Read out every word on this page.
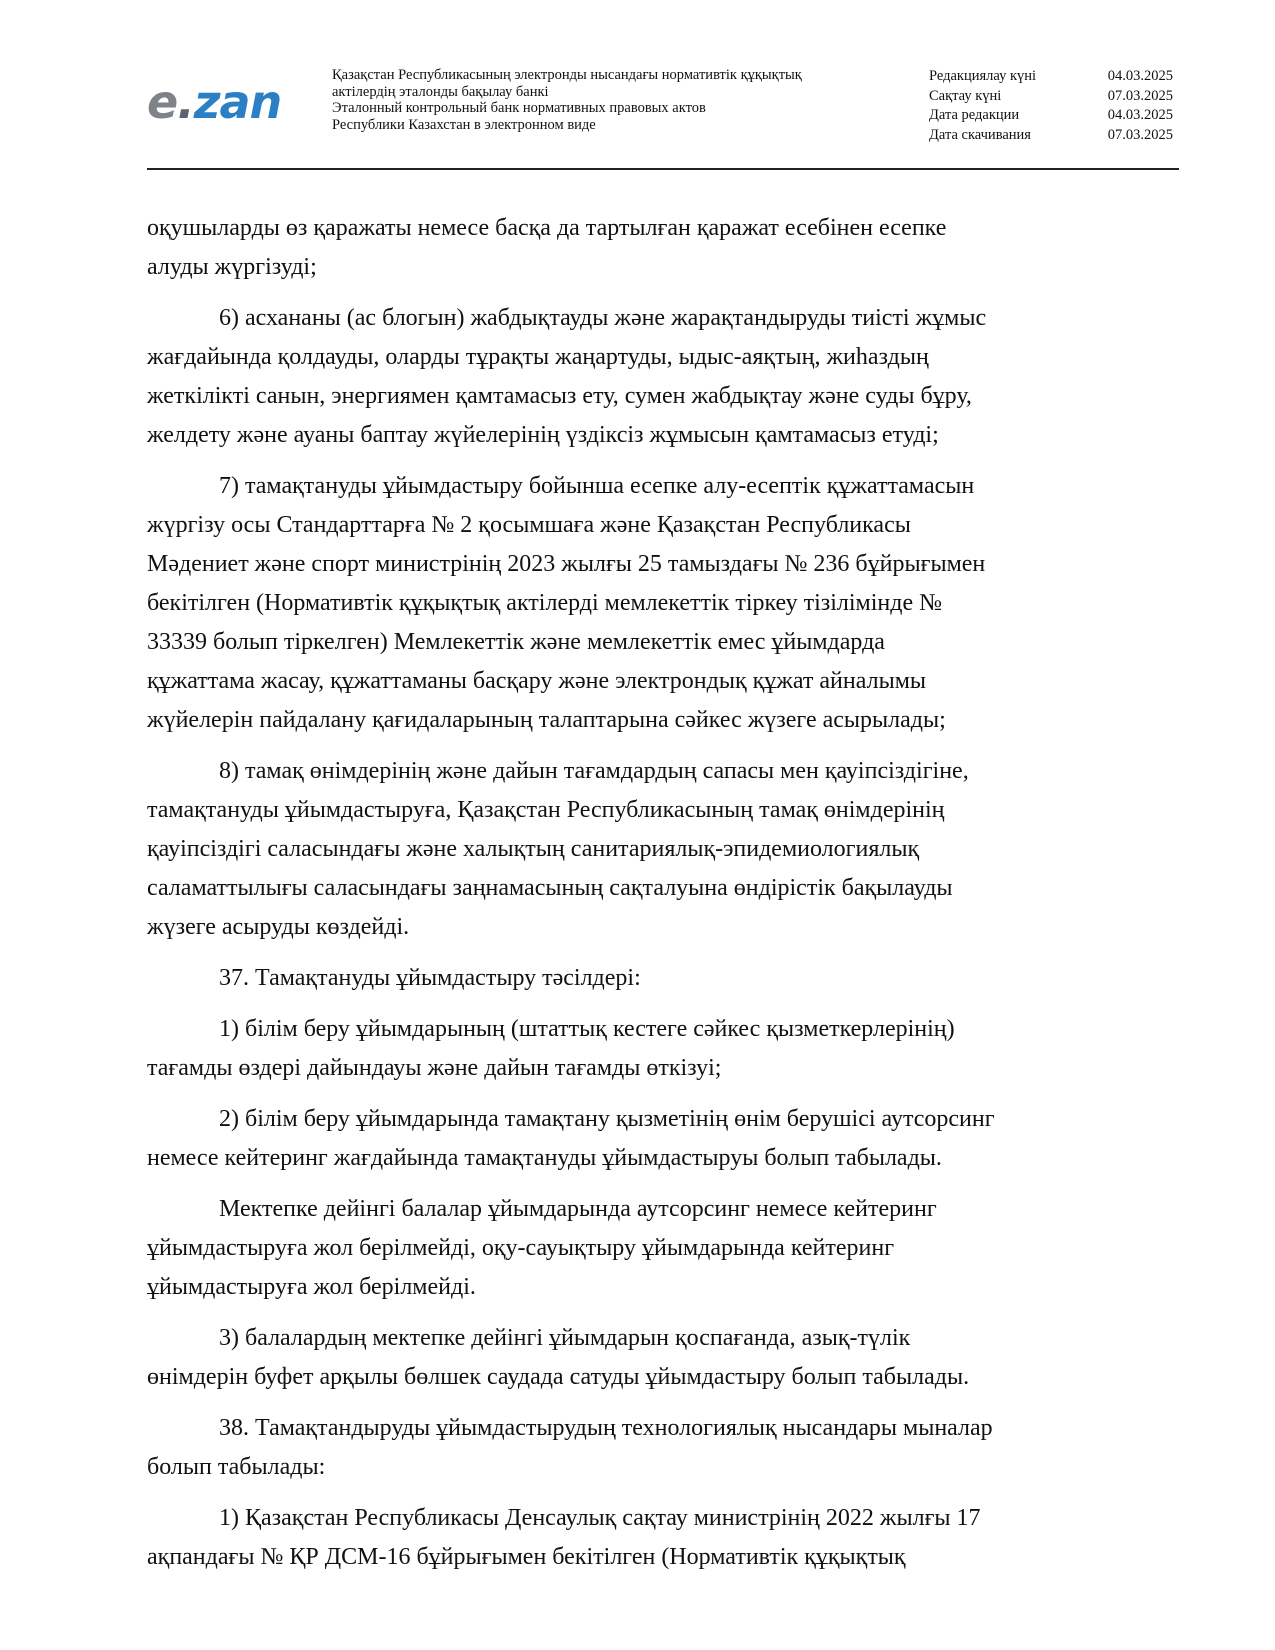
e.zan	Қазақстан Республикасының электронды нысандағы нормативтік құқықтық
актілердің эталонды бақылау банкі
Эталонный контрольный банк нормативных правовых актов
Республики Казахстан в электронном виде
Редакциялау күні	04.03.2025
Сақтау күні	07.03.2025
Дата редакции	04.03.2025
Дата скачивания	07.03.2025

оқушыларды өз қаражаты немесе басқа да тартылған қаражат есебінен есепке
алуды жүргізуді;

6) асхананы (ас блогын) жабдықтауды және жарақтандыруды тиісті жұмыс
жағдайында қолдауды, оларды тұрақты жаңартуды, ыдыс-аяқтың, жиһаздың
жеткілікті санын, энергиямен қамтамасыз ету, сумен жабдықтау және суды бұру,
желдету және ауаны баптау жүйелерінің үздіксіз жұмысын қамтамасыз етуді;

7) тамақтануды ұйымдастыру бойынша есепке алу-есептік құжаттамасын
жүргізу осы Стандарттарға № 2 қосымшаға және Қазақстан Республикасы
Мәдениет және спорт министрінің 2023 жылғы 25 тамыздағы № 236 бұйрығымен
бекітілген (Нормативтік құқықтық актілерді мемлекеттік тіркеу тізілімінде №
33339 болып тіркелген) Мемлекеттік және мемлекеттік емес ұйымдарда
құжаттама жасау, құжаттаманы басқару және электрондық құжат айналымы
жүйелерін пайдалану қағидаларының талаптарына сәйкес жүзеге асырылады;

8) тамақ өнімдерінің және дайын тағамдардың сапасы мен қауіпсіздігіне,
тамақтануды ұйымдастыруға, Қазақстан Республикасының тамақ өнімдерінің
қауіпсіздігі саласындағы және халықтың санитариялық-эпидемиологиялық
саламаттылығы саласындағы заңнамасының сақталуына өндірістік бақылауды
жүзеге асыруды көздейді.

37. Тамақтануды ұйымдастыру тәсілдері:

1) білім беру ұйымдарының (штаттық кестеге сәйкес қызметкерлерінің)
тағамды өздері дайындауы және дайын тағамды өткізуі;

2) білім беру ұйымдарында тамақтану қызметінің өнім берушісі аутсорсинг
немесе кейтеринг жағдайында тамақтануды ұйымдастыруы болып табылады.

Мектепке дейінгі балалар ұйымдарында аутсорсинг немесе кейтеринг
ұйымдастыруға жол берілмейді, оқу-сауықтыру ұйымдарында кейтеринг
ұйымдастыруға жол берілмейді.

3) балалардың мектепке дейінгі ұйымдарын қоспағанда, азық-түлік
өнімдерін буфет арқылы бөлшек саудада сатуды ұйымдастыру болып табылады.

38. Тамақтандыруды ұйымдастырудың технологиялық нысандары мыналар
болып табылады:

1) Қазақстан Республикасы Денсаулық сақтау министрінің 2022 жылғы 17
ақпандағы № ҚР ДСМ-16 бұйрығымен бекітілген (Нормативтік құқықтық
